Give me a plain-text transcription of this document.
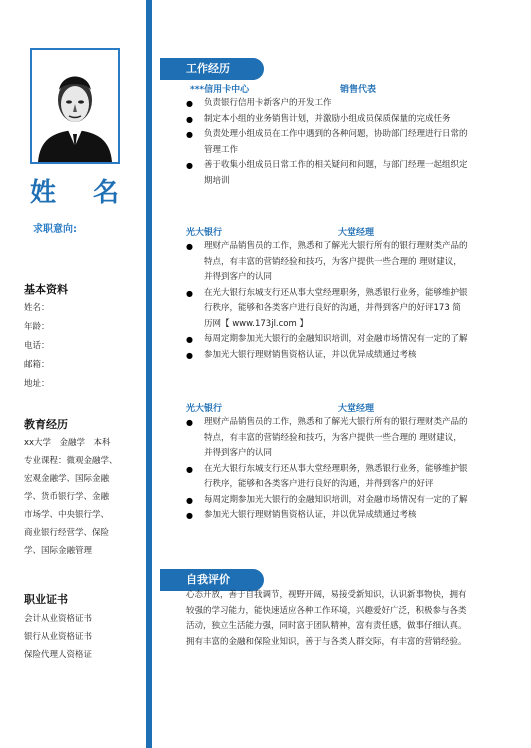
姓 名
求职意向:
基本资料
姓名：
年龄：
电话：
邮箱：
地址：
教育经历
xx大学　金融学　本科
专业课程：微观金融学、
宏观金融学、国际金融
学、货币银行学、金融
市场学、中央银行学、
商业银行经营学、保险
学、国际金融管理
职业证书
会计从业资格证书
银行从业资格证书
保险代理人资格证
工作经历
***信用卡中心	销售代表
● 负责银行信用卡新客户的开发工作
● 制定本小组的业务销售计划，并激励小组成员保质保量的完成任务
● 负责处理小组成员在工作中遇到的各种问题，协助部门经理进行日常的管理工作
● 善于收集小组成员日常工作的相关疑问和问题，与部门经理一起组织定期培训
光大银行	大堂经理
● 理财产品销售员的工作，熟悉和了解光大银行所有的银行理财类产品的特点，有丰富的营销经验和技巧，为客户提供一些合理的 理财建议，并得到客户的认同
● 在光大银行东城支行还从事大堂经理职务，熟悉银行业务，能够维护银行秩序，能够和各类客户进行良好的沟通，并得到客户的好评173 简历网【 www.173jl.com 】
● 每周定期参加光大银行的金融知识培训，对金融市场情况有一定的了解
● 参加光大银行理财销售资格认证，并以优异成绩通过考核
光大银行	大堂经理
● 理财产品销售员的工作，熟悉和了解光大银行所有的银行理财类产品的特点，有丰富的营销经验和技巧，为客户提供一些合理的 理财建议，并得到客户的认同
● 在光大银行东城支行还从事大堂经理职务，熟悉银行业务，能够维护银行秩序，能够和各类客户进行良好的沟通，并得到客户的好评
● 每周定期参加光大银行的金融知识培训，对金融市场情况有一定的了解
● 参加光大银行理财销售资格认证，并以优异成绩通过考核
自我评价
心态开放，善于自我调节，视野开阔，易接受新知识，认识新事物快，拥有较强的学习能力，能快速适应各种工作环境，兴趣爱好广泛，积极参与各类活动，独立生活能力强，同时富于团队精神，富有责任感，做事仔细认真。拥有丰富的金融和保险业知识，善于与各类人群交际，有丰富的营销经验。
